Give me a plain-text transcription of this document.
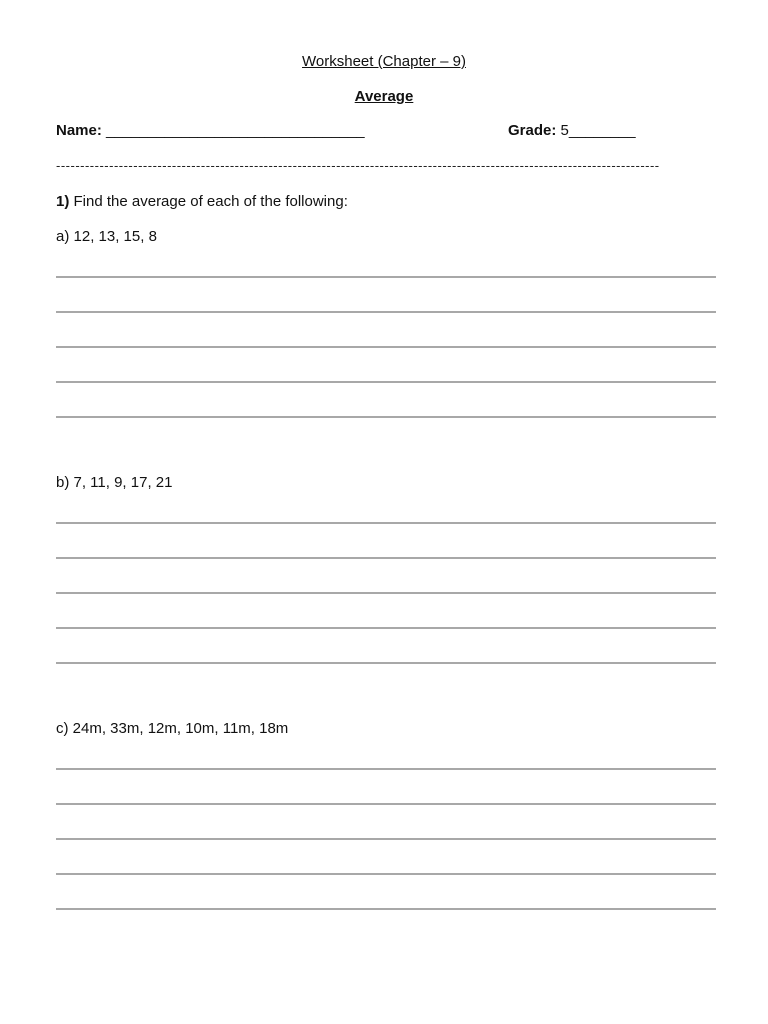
Worksheet (Chapter – 9)
Average
Name: _______________________________	Grade: 5________
-----------------------------------------------------------------------------------------------------------------------------
1) Find the average of each of the following:
a) 12, 13, 15, 8
b) 7, 11, 9, 17, 21
c) 24m, 33m, 12m, 10m, 11m, 18m
